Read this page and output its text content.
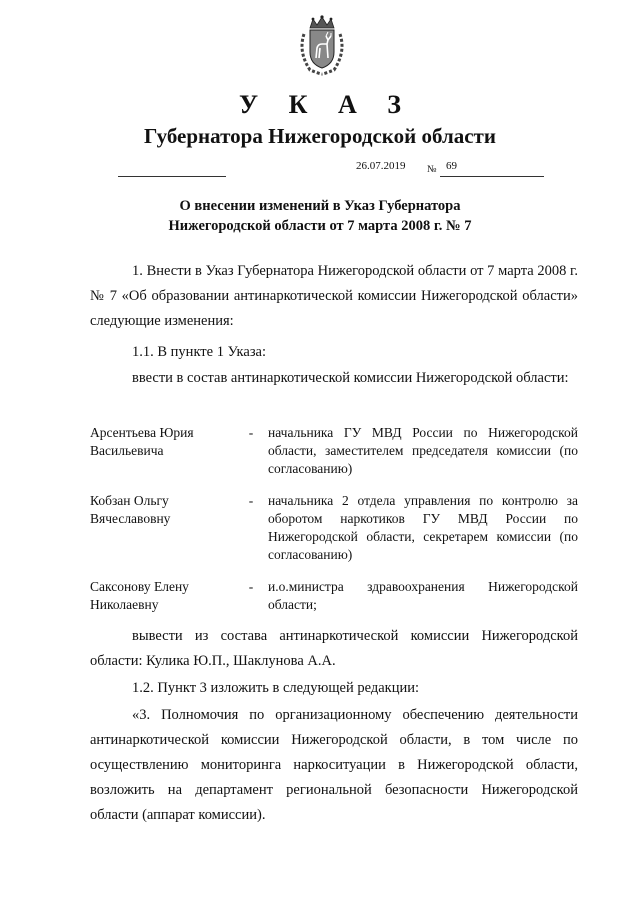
У К А З
Губернатора Нижегородской области
26.07.2019 № 69
О внесении изменений в Указ Губернатора
Нижегородской области от 7 марта 2008 г. № 7

1. Внести в Указ Губернатора Нижегородской области от 7 марта 2008 г. № 7 «Об образовании антинаркотической комиссии Нижегородской области» следующие изменения:

1.1. В пункте 1 Указа:

ввести в состав антинаркотической комиссии Нижегородской области:

Арсентьева Юрия Васильевича
- начальника ГУ МВД России по Нижегородской области, заместителем председателя комиссии (по согласованию)
Кобзан Ольгу Вячеславовну
- начальника 2 отдела управления по контролю за оборотом наркотиков ГУ МВД России по Нижегородской области, секретарем комиссии (по согласованию)
Саксонову Елену Николаевну
- и.о.министра здравоохранения Нижегородской области;

вывести из состава антинаркотической комиссии Нижегородской области: Кулика Ю.П., Шаклунова А.А.

1.2. Пункт 3 изложить в следующей редакции:

«3. Полномочия по организационному обеспечению деятельности антинаркотической комиссии Нижегородской области, в том числе по осуществлению мониторинга наркоситуации в Нижегородской области, возложить на департамент региональной безопасности Нижегородской области (аппарат комиссии).
